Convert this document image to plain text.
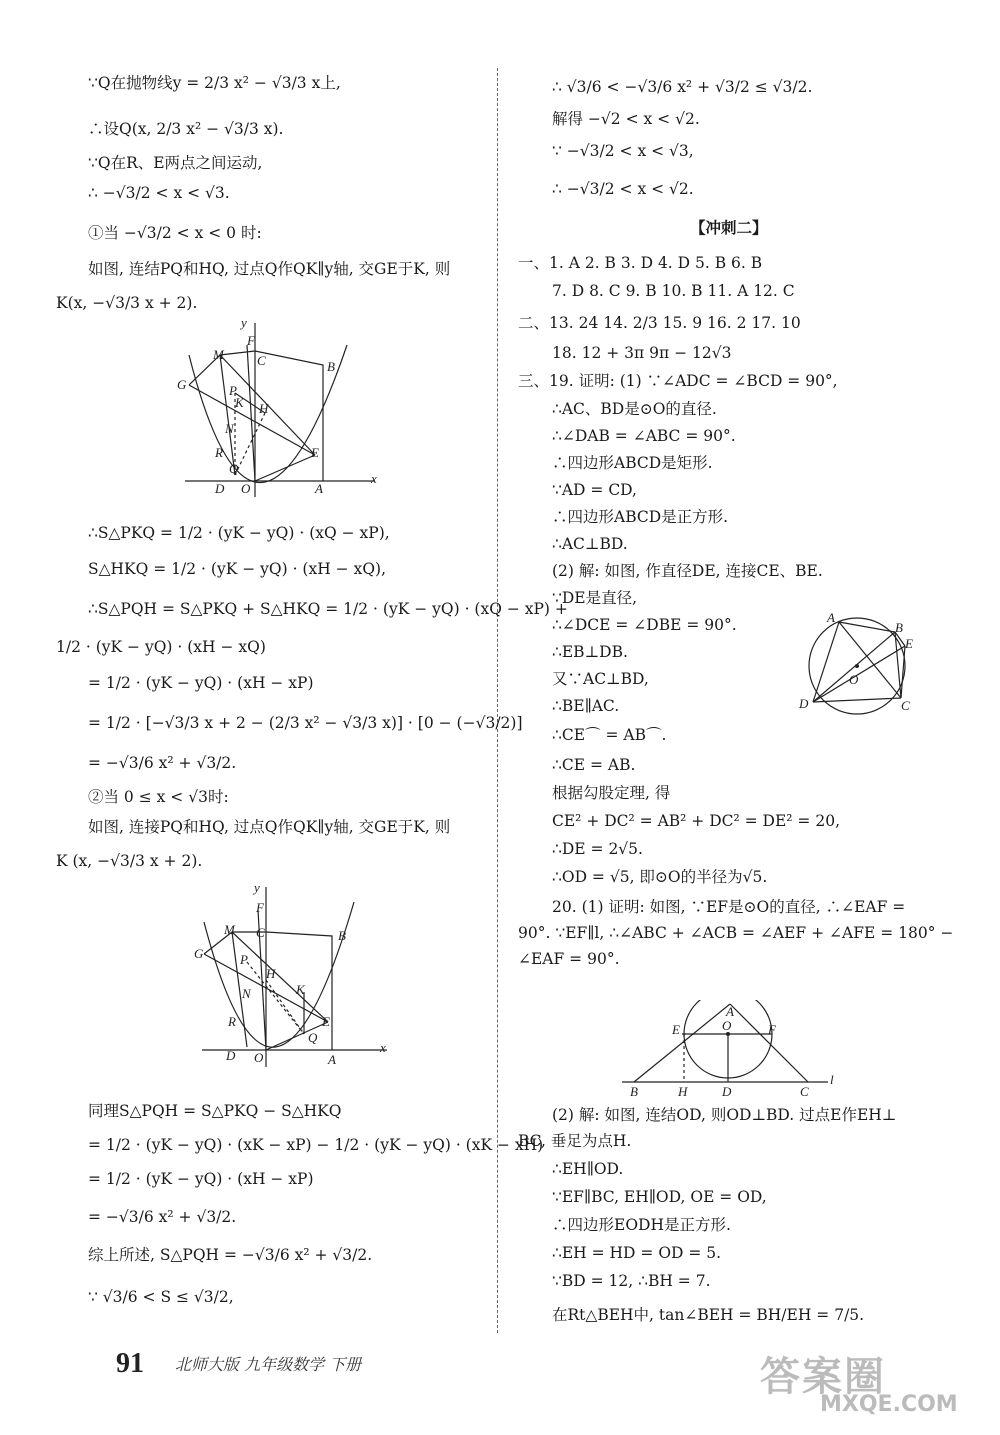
∵Q在抛物线y = 2/3 x² − √3/3 x上,
∴设Q(x, 2/3 x² − √3/3 x).
∵Q在R、E两点之间运动,
∴ −√3/2 < x < √3.
①当 −√3/2 < x < 0 时:
如图, 连结PQ和HQ, 过点Q作QK∥y轴, 交GE于K, 则
K(x, −√3/3 x + 2).
y
F
M	C	B
G	P
K H
N
R
Q
E
D O	A
x
∴S△PKQ = 1/2 · (yK − yQ) · (xQ − xP),
S△HKQ = 1/2 · (yK − yQ) · (xH − xQ),
∴S△PQH = S△PKQ + S△HKQ = 1/2 · (yK − yQ) · (xQ − xP) +
1/2 · (yK − yQ) · (xH − xQ)
= 1/2 · (yK − yQ) · (xH − xP)
= 1/2 · [−√3/3 x + 2 − (2/3 x² − √3/3 x)] · [0 − (−√3/2)]
= −√3/6 x² + √3/2.
②当 0 ≤ x < √3时:
如图, 连接PQ和HQ, 过点Q作QK∥y轴, 交GE于K, 则
K (x, −√3/3 x + 2).
y
F
M C	B
G	P
H
K
N
R	E
Q
D O	A
x
同理S△PQH = S△PKQ − S△HKQ
= 1/2 · (yK − yQ) · (xK − xP) − 1/2 · (yK − yQ) · (xK − xH)
= 1/2 · (yK − yQ) · (xH − xP)
= −√3/6 x² + √3/2.
综上所述, S△PQH = −√3/6 x² + √3/2.
∵ √3/6 < S ≤ √3/2,
∴ √3/6 < −√3/6 x² + √3/2 ≤ √3/2.
解得 −√2 < x < √2.
∵ −√3/2 < x < √3,
∴ −√3/2 < x < √2.
【冲刺二】
一、1. A 2. B 3. D 4. D 5. B 6. B
7. D 8. C 9. B 10. B 11. A 12. C
二、13. 24 14. 2/3 15. 9 16. 2 17. 10
18. 12 + 3π 9π − 12√3
三、19. 证明: (1) ∵∠ADC = ∠BCD = 90°,
∴AC、BD是⊙O的直径.
∴∠DAB = ∠ABC = 90°.
∴四边形ABCD是矩形.
∵AD = CD,
∴四边形ABCD是正方形.
∴AC⊥BD.
(2) 解: 如图, 作直径DE, 连接CE、BE.
∵DE是直径,
∴∠DCE = ∠DBE = 90°.
∴EB⊥DB.
又∵AC⊥BD,
∴BE∥AC.
∴CE⌒ = AB⌒.
∴CE = AB.
根据勾股定理, 得
CE² + DC² = AB² + DC² = DE² = 20,
∴DE = 2√5.
∴OD = √5, 即⊙O的半径为√5.
A
B
E
O
D	C
20. (1) 证明: 如图, ∵EF是⊙O的直径, ∴∠EAF =
90°. ∵EF∥l, ∴∠ABC + ∠ACB = ∠AEF + ∠AFE = 180° −
∠EAF = 90°.
A
E	O	F
B	H	D	C
l
(2) 解: 如图, 连结OD, 则OD⊥BD. 过点E作EH⊥
BC, 垂足为点H.
∴EH∥OD.
∵EF∥BC, EH∥OD, OE = OD,
∴四边形EODH是正方形.
∴EH = HD = OD = 5.
∵BD = 12, ∴BH = 7.
在Rt△BEH中, tan∠BEH = BH/EH = 7/5.
91 北师大版 九年级数学 下册	答案圈
MXQE.COM
